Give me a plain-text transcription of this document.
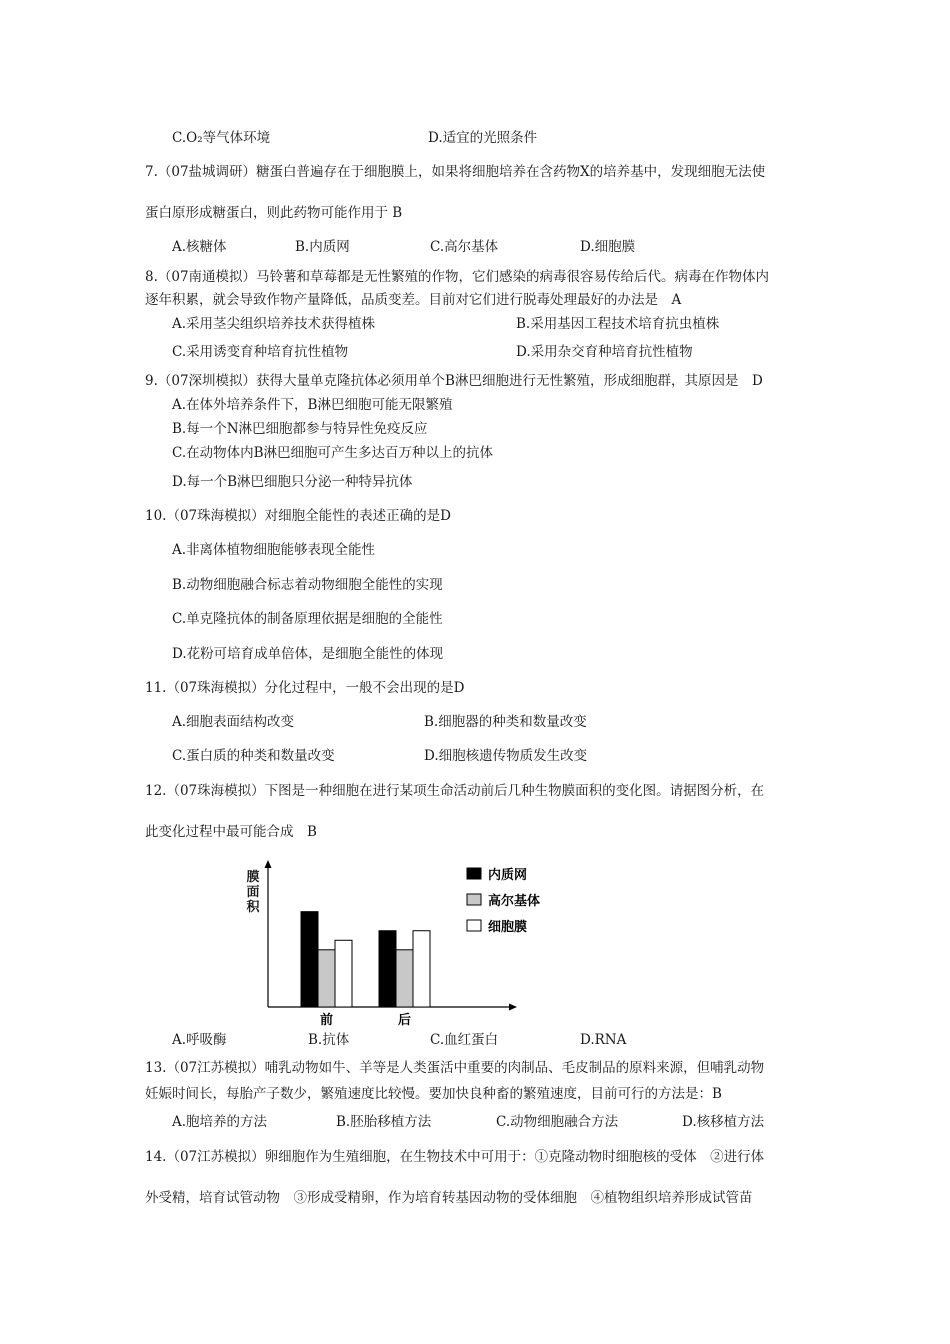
C.O₂等气体环境	D.适宜的光照条件
7.（07盐城调研）糖蛋白普遍存在于细胞膜上，如果将细胞培养在含药物X的培养基中，发现细胞无法使
蛋白原形成糖蛋白，则此药物可能作用于 B
A.核糖体	B.内质网	C.高尔基体	D.细胞膜
8.（07南通模拟）马铃薯和草莓都是无性繁殖的作物，它们感染的病毒很容易传给后代。病毒在作物体内
逐年积累，就会导致作物产量降低，品质变差。目前对它们进行脱毒处理最好的办法是　A
A.采用茎尖组织培养技术获得植株	B.采用基因工程技术培育抗虫植株
C.采用诱变育种培育抗性植物	D.采用杂交育种培育抗性植物
9.（07深圳模拟）获得大量单克隆抗体必须用单个B淋巴细胞进行无性繁殖，形成细胞群，其原因是　D
A.在体外培养条件下，B淋巴细胞可能无限繁殖
B.每一个N淋巴细胞都参与特异性免疫反应
C.在动物体内B淋巴细胞可产生多达百万种以上的抗体
D.每一个B淋巴细胞只分泌一种特异抗体
10.（07珠海模拟）对细胞全能性的表述正确的是D
A.非离体植物细胞能够表现全能性
B.动物细胞融合标志着动物细胞全能性的实现
C.单克隆抗体的制备原理依据是细胞的全能性
D.花粉可培育成单倍体，是细胞全能性的体现
11.（07珠海模拟）分化过程中，一般不会出现的是D
A.细胞表面结构改变	B.细胞器的种类和数量改变
C.蛋白质的种类和数量改变	D.细胞核遗传物质发生改变
12.（07珠海模拟）下图是一种细胞在进行某项生命活动前后几种生物膜面积的变化图。请据图分析，在
此变化过程中最可能合成　B
前	后
内质网
高尔基体
细胞膜
膜面积
A.呼吸酶	B.抗体	C.血红蛋白	D.RNA
13.（07江苏模拟）哺乳动物如牛、羊等是人类蛋活中重要的肉制品、毛皮制品的原料来源，但哺乳动物
妊娠时间长，每胎产子数少，繁殖速度比较慢。要加快良种畜的繁殖速度，目前可行的方法是：B
A.胞培养的方法	B.胚胎移植方法	C.动物细胞融合方法	D.核移植方法
14.（07江苏模拟）卵细胞作为生殖细胞，在生物技术中可用于：①克隆动物时细胞核的受体　②进行体
外受精，培育试管动物　③形成受精卵，作为培育转基因动物的受体细胞　④植物组织培养形成试管苗
